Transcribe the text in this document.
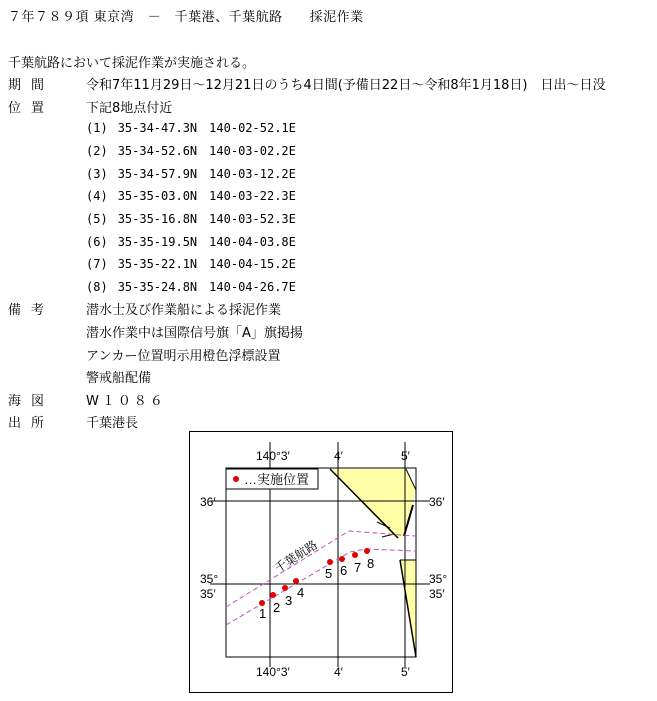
７年７８９項 東京湾　－　千葉港、千葉航路　　採泥作業
千葉航路において採泥作業が実施される。
期間	令和7年11月29日～12月21日のうち4日間(予備日22日～令和8年1月18日)　日出～日没
位置	下記8地点付近
(1) 35-34-47.3N 140-02-52.1E
(2) 35-34-52.6N 140-03-02.2E
(3) 35-34-57.9N 140-03-12.2E
(4) 35-35-03.0N 140-03-22.3E
(5) 35-35-16.8N 140-03-52.3E
(6) 35-35-19.5N 140-04-03.8E
(7) 35-35-22.1N 140-04-15.2E
(8) 35-35-24.8N 140-04-26.7E
備考	潜水士及び作業船による採泥作業
潜水作業中は国際信号旗「A」旗掲揚
アンカー位置明示用橙色浮標設置
警戒船配備
海図	W１０８６
出所	千葉港長
千葉航路
…実施位置
140°3′	4′	5′
140°3′	4′	5′
36′
35°
35′
36′
35°
35′
1 2 3
4
5 6 7 8
